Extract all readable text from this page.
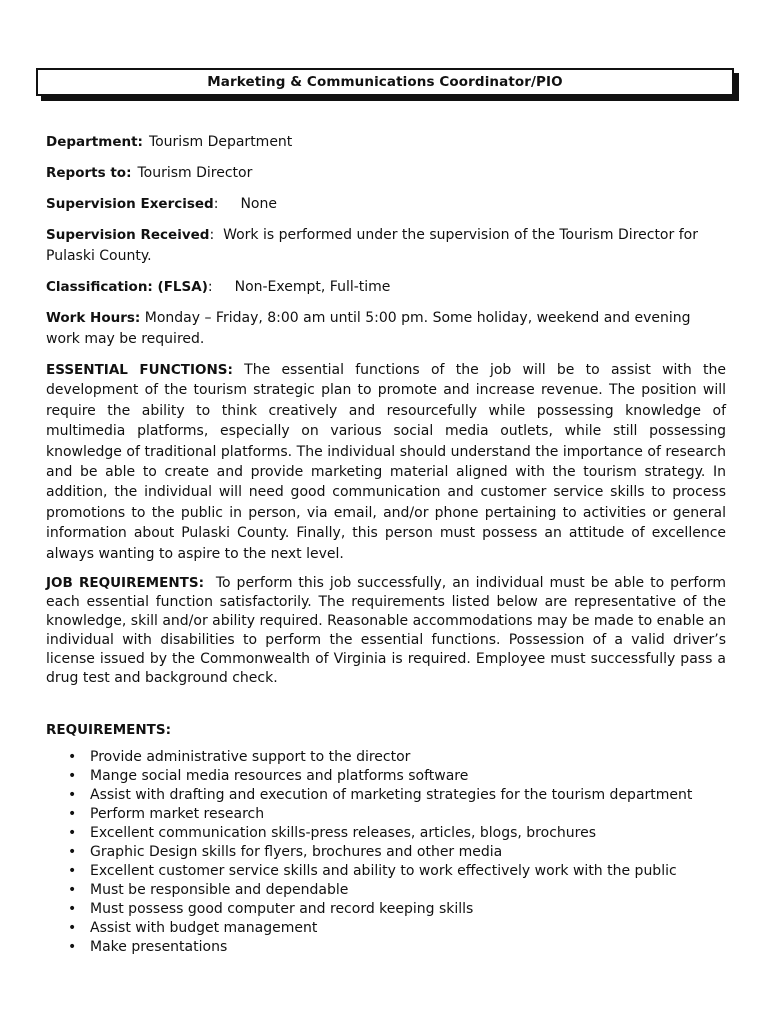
Marketing & Communications Coordinator/PIO
Department: Tourism Department
Reports to: Tourism Director
Supervision Exercised: None
Supervision Received: Work is performed under the supervision of the Tourism Director for Pulaski County.
Classification: (FLSA): Non-Exempt, Full-time
Work Hours: Monday – Friday, 8:00 am until 5:00 pm. Some holiday, weekend and evening work may be required.

ESSENTIAL FUNCTIONS: The essential functions of the job will be to assist with the development of the tourism strategic plan to promote and increase revenue. The position will require the ability to think creatively and resourcefully while possessing knowledge of multimedia platforms, especially on various social media outlets, while still possessing knowledge of traditional platforms. The individual should understand the importance of research and be able to create and provide marketing material aligned with the tourism strategy. In addition, the individual will need good communication and customer service skills to process promotions to the public in person, via email, and/or phone pertaining to activities or general information about Pulaski County. Finally, this person must possess an attitude of excellence always wanting to aspire to the next level.

JOB REQUIREMENTS: To perform this job successfully, an individual must be able to perform each essential function satisfactorily. The requirements listed below are representative of the knowledge, skill and/or ability required. Reasonable accommodations may be made to enable an individual with disabilities to perform the essential functions. Possession of a valid driver’s license issued by the Commonwealth of Virginia is required. Employee must successfully pass a drug test and background check.

REQUIREMENTS:
• Provide administrative support to the director
• Mange social media resources and platforms software
• Assist with drafting and execution of marketing strategies for the tourism department
• Perform market research
• Excellent communication skills-press releases, articles, blogs, brochures
• Graphic Design skills for flyers, brochures and other media
• Excellent customer service skills and ability to work effectively work with the public
• Must be responsible and dependable
• Must possess good computer and record keeping skills
• Assist with budget management
• Make presentations
